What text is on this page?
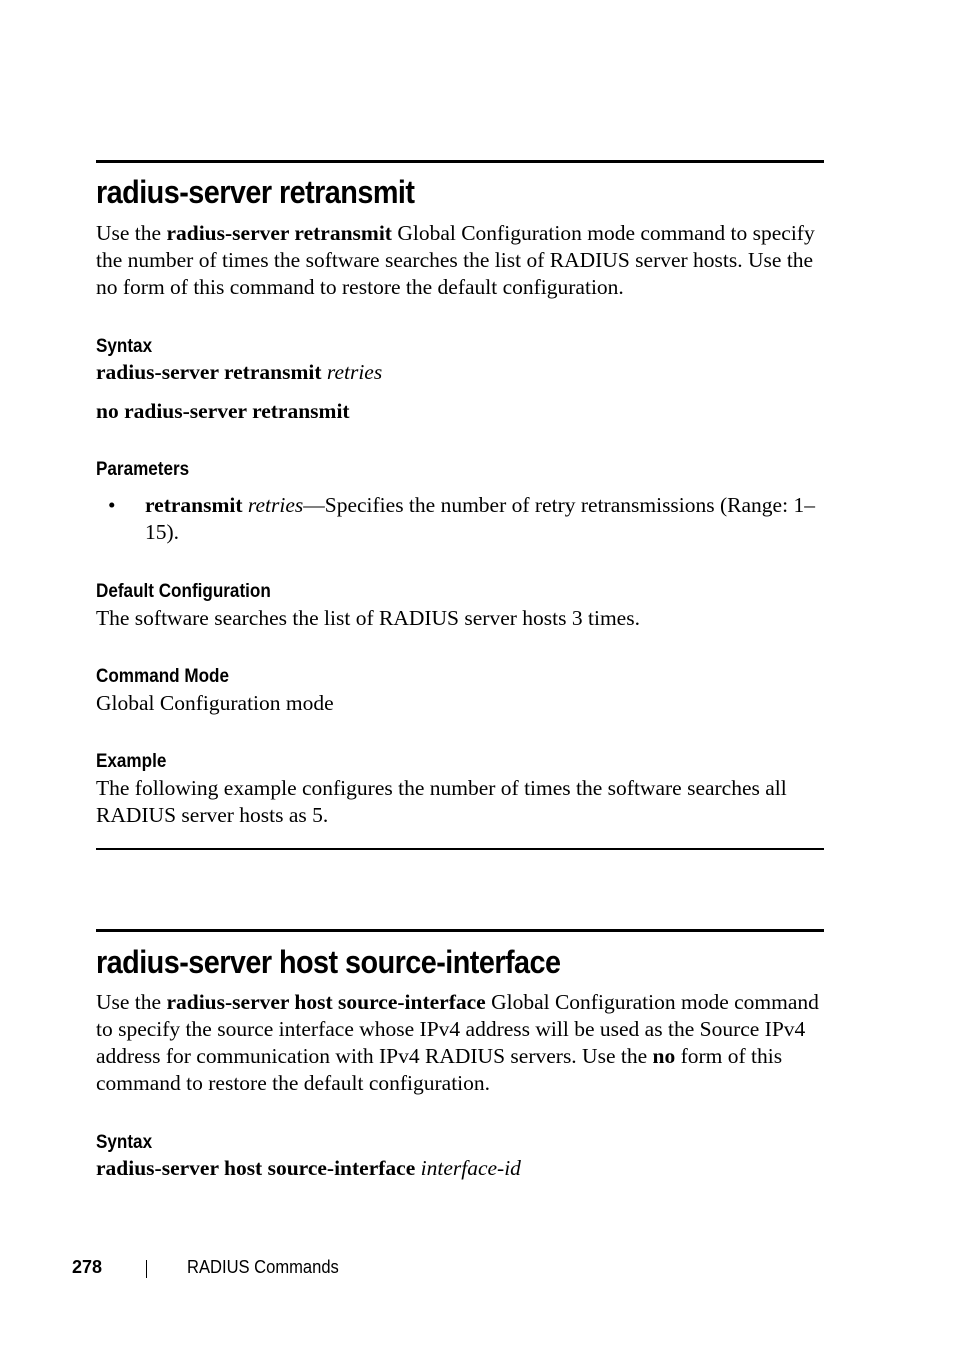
radius-server retransmit

Use the radius-server retransmit Global Configuration mode command to specify the number of times the software searches the list of RADIUS server hosts. Use the no form of this command to restore the default configuration.

Syntax

radius-server retransmit retries

no radius-server retransmit

Parameters
• retransmit retries—Specifies the number of retry retransmissions (Range: 1–15).

Default Configuration

The software searches the list of RADIUS server hosts 3 times.

Command Mode

Global Configuration mode

Example

The following example configures the number of times the software searches all RADIUS server hosts as 5.

radius-server host source-interface

Use the radius-server host source-interface Global Configuration mode command to specify the source interface whose IPv4 address will be used as the Source IPv4 address for communication with IPv4 RADIUS servers. Use the no form of this command to restore the default configuration.

Syntax

radius-server host source-interface interface-id

278	RADIUS Commands
